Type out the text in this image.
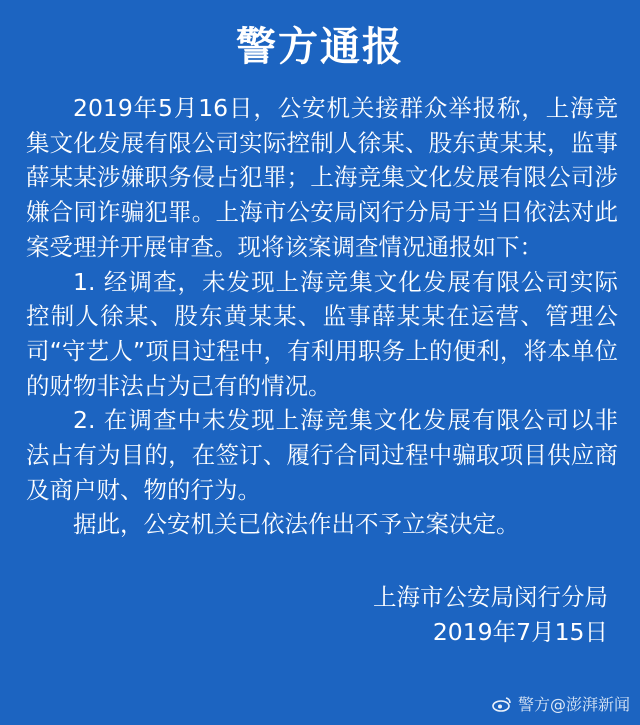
警方通报

2019年5月16日，公安机关接群众举报称，上海竞集文化发展有限公司实际控制人徐某、股东黄某某，监事薛某某涉嫌职务侵占犯罪；上海竞集文化发展有限公司涉嫌合同诈骗犯罪。上海市公安局闵行分局于当日依法对此案受理并开展审查。现将该案调查情况通报如下：

1. 经调查，未发现上海竞集文化发展有限公司实际控制人徐某、股东黄某某、监事薛某某在运营、管理公司“守艺人”项目过程中，有利用职务上的便利，将本单位的财物非法占为己有的情况。

2. 在调查中未发现上海竞集文化发展有限公司以非法占有为目的，在签订、履行合同过程中骗取项目供应商及商户财、物的行为。

据此，公安机关已依法作出不予立案决定。

上海市公安局闵行分局
2019年7月15日
警方@澎湃新闻
